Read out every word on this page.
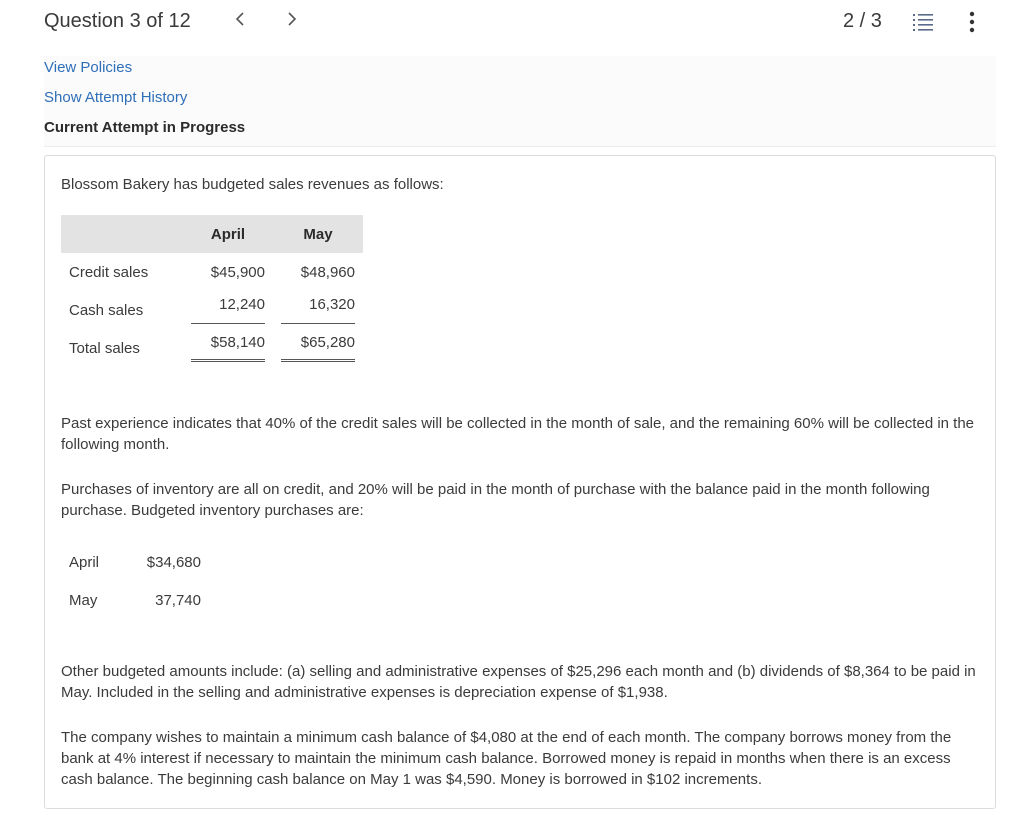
Question 3 of 12	2 / 3
View Policies
Show Attempt History
Current Attempt in Progress
Blossom Bakery has budgeted sales revenues as follows:
	April	May
Credit sales	$45,900	$48,960
Cash sales	12,240	16,320
Total sales	$58,140	$65,280
Past experience indicates that 40% of the credit sales will be collected in the month of sale, and the remaining 60% will be collected in the following month.
Purchases of inventory are all on credit, and 20% will be paid in the month of purchase with the balance paid in the month following purchase. Budgeted inventory purchases are:
April	$34,680
May	37,740
Other budgeted amounts include: (a) selling and administrative expenses of $25,296 each month and (b) dividends of $8,364 to be paid in May. Included in the selling and administrative expenses is depreciation expense of $1,938.
The company wishes to maintain a minimum cash balance of $4,080 at the end of each month. The company borrows money from the bank at 4% interest if necessary to maintain the minimum cash balance. Borrowed money is repaid in months when there is an excess cash balance. The beginning cash balance on May 1 was $4,590. Money is borrowed in $102 increments.
